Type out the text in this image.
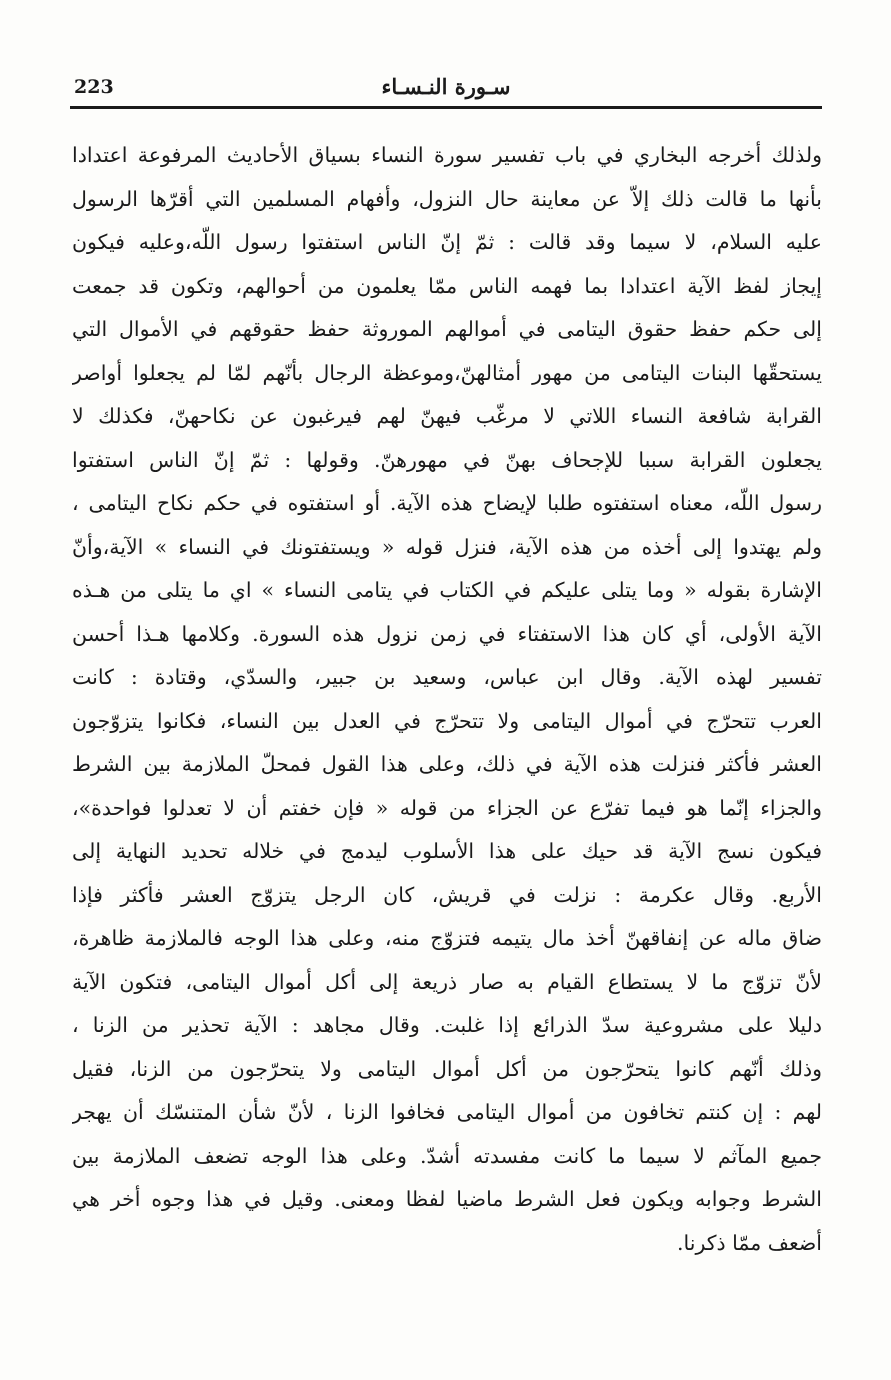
223	سـورة النـسـاء
ولذلك أخرجه البخاري في باب تفسير سورة النساء بسياق الأحاديث المرفوعة اعتدادا
بأنها ما قالت ذلك إلاّ عن معاينة حال النزول، وأفهام المسلمين التي أقرّها الرسول
عليه السلام، لا سيما وقد قالت : ثمّ إنّ الناس استفتوا رسول اللّه،وعليه فيكون
إيجاز لفظ الآية اعتدادا بما فهمه الناس ممّا يعلمون من أحوالهم، وتكون قد جمعت
إلى حكم حفظ حقوق اليتامى في أموالهم الموروثة حفظ حقوقهم في الأموال التي
يستحقّها البنات اليتامى من مهور أمثالهنّ،وموعظة الرجال بأنّهم لمّا لم يجعلوا أواصر
القرابة شافعة النساء اللاتي لا مرغّب فيهنّ لهم فيرغبون عن نكاحهنّ، فكذلك لا
يجعلون القرابة سببا للإجحاف بهنّ في مهورهنّ. وقولها : ثمّ إنّ الناس استفتوا
رسول اللّه، معناه استفتوه طلبا لإيضاح هذه الآية. أو استفتوه في حكم نكاح اليتامى ،
ولم يهتدوا إلى أخذه من هذه الآية، فنزل قوله « ويستفتونك في النساء » الآية،وأنّ
الإشارة بقوله « وما يتلى عليكم في الكتاب في يتامى النساء » اي ما يتلى من هـذه
الآية الأولى، أي كان هذا الاستفتاء في زمن نزول هذه السورة. وكلامها هـذا أحسن
تفسير لهذه الآية. وقال ابن عباس، وسعيد بن جبير، والسدّي، وقتادة : كانت
العرب تتحرّج في أموال اليتامى ولا تتحرّج في العدل بين النساء، فكانوا يتزوّجون
العشر فأكثر فنزلت هذه الآية في ذلك، وعلى هذا القول فمحلّ الملازمة بين الشرط
والجزاء إنّما هو فيما تفرّع عن الجزاء من قوله « فإن خفتم أن لا تعدلوا فواحدة»،
فيكون نسج الآية قد حيك على هذا الأسلوب ليدمج في خلاله تحديد النهاية إلى
الأربع. وقال عكرمة : نزلت في قريش، كان الرجل يتزوّج العشر فأكثر فإذا
ضاق ماله عن إنفاقهنّ أخذ مال يتيمه فتزوّج منه، وعلى هذا الوجه فالملازمة ظاهرة،
لأنّ تزوّج ما لا يستطاع القيام به صار ذريعة إلى أكل أموال اليتامى، فتكون الآية
دليلا على مشروعية سدّ الذرائع إذا غلبت. وقال مجاهد : الآية تحذير من الزنا ،
وذلك أنّهم كانوا يتحرّجون من أكل أموال اليتامى ولا يتحرّجون من الزنا، فقيل
لهم : إن كنتم تخافون من أموال اليتامى فخافوا الزنا ، لأنّ شأن المتنسّك أن يهجر
جميع المآثم لا سيما ما كانت مفسدته أشدّ. وعلى هذا الوجه تضعف الملازمة بين
الشرط وجوابه ويكون فعل الشرط ماضيا لفظا ومعنى. وقيل في هذا وجوه أخر هي
أضعف ممّا ذكرنا.
